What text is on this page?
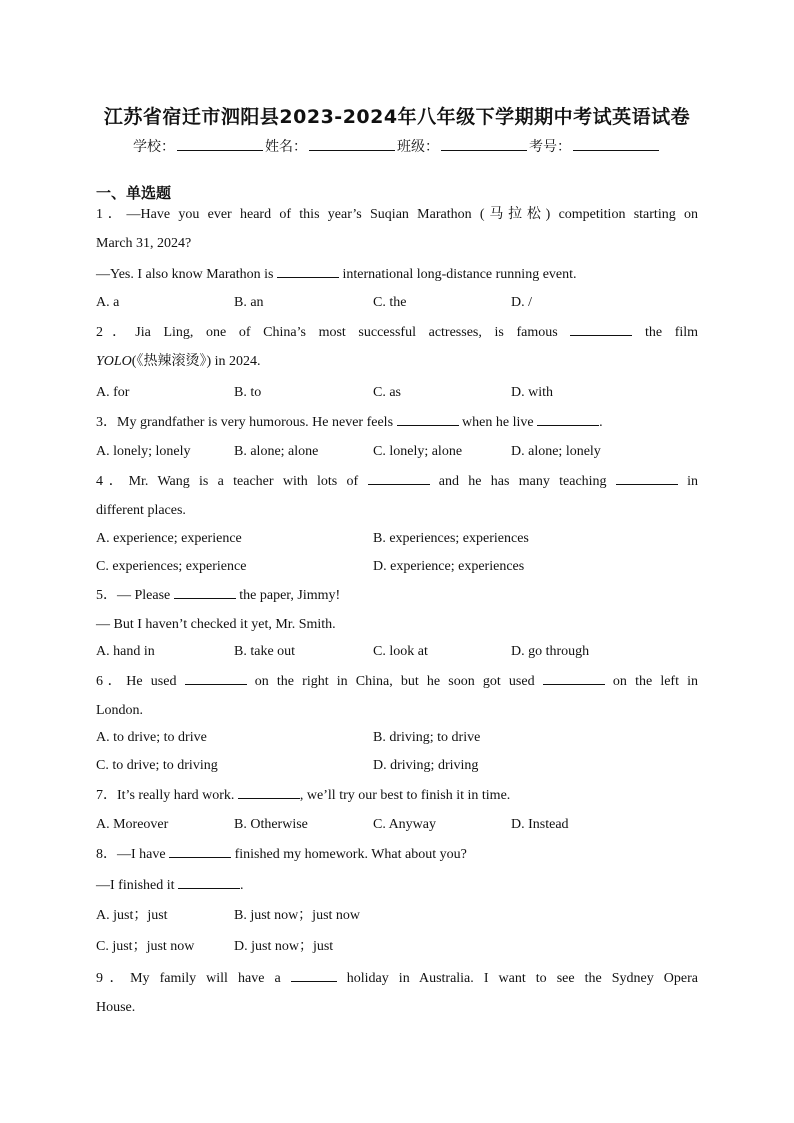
江苏省宿迁市泗阳县2023-2024年八年级下学期期中考试英语试卷
学校：	姓名：	班级：	考号：
一、单选题
1．—Have you ever heard of this year’s Suqian Marathon (马拉松) competition starting on
March 31, 2024?
—Yes. I also know Marathon is	international long-distance running event.
A. a	B. an	C. the	D. /
2．Jia Ling, one of China’s most successful actresses, is famous	the film
YOLO(《热辣滚烫》) in 2024.
A. for	B. to	C. as	D. with
3．My grandfather is very humorous. He never feels	when he live	.
A. lonely; lonely	B. alone; alone	C. lonely; alone	D. alone; lonely
4．Mr. Wang is a teacher with lots of	and he has many teaching	in
different places.
A. experience; experience	B. experiences; experiences
C. experiences; experience	D. experience; experiences
5．— Please	the paper, Jimmy!
— But I haven’t checked it yet, Mr. Smith.
A. hand in	B. take out	C. look at	D. go through
6．He used	on the right in China, but he soon got used	on the left in
London.
A. to drive; to drive	B. driving; to drive
C. to drive; to driving	D. driving; driving
7．It’s really hard work.	, we’ll try our best to finish it in time.
A. Moreover	B. Otherwise	C. Anyway	D. Instead
8．—I have	finished my homework. What about you?
—I finished it	.
A. just；just	B. just now；just now
C. just；just now	D. just now；just
9．My family will have a	holiday in Australia. I want to see the Sydney Opera
House.
